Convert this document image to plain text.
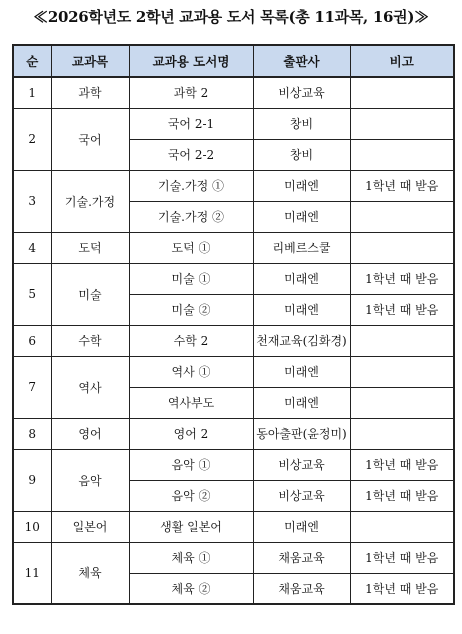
≪2026학년도 2학년 교과용 도서 목록(총 11과목, 16권)≫
순	교과목	교과용 도서명	출판사	비고
1	과학	과학 2	비상교육	
2	국어	국어 2-1	창비	
		국어 2-2	창비	
3	기술.가정	기술.가정 ①	미래엔	1학년 때 받음
		기술.가정 ②	미래엔	
4	도덕	도덕 ①	리베르스쿨	
5	미술	미술 ①	미래엔	1학년 때 받음
		미술 ②	미래엔	1학년 때 받음
6	수학	수학 2	천재교육(김화경)	
7	역사	역사 ①	미래엔	
		역사부도	미래엔	
8	영어	영어 2	동아출판(윤정미)	
9	음악	음악 ①	비상교육	1학년 때 받음
		음악 ②	비상교육	1학년 때 받음
10	일본어	생활 일본어	미래엔	
11	체육	체육 ①	채움교육	1학년 때 받음
		체육 ②	채움교육	1학년 때 받음
